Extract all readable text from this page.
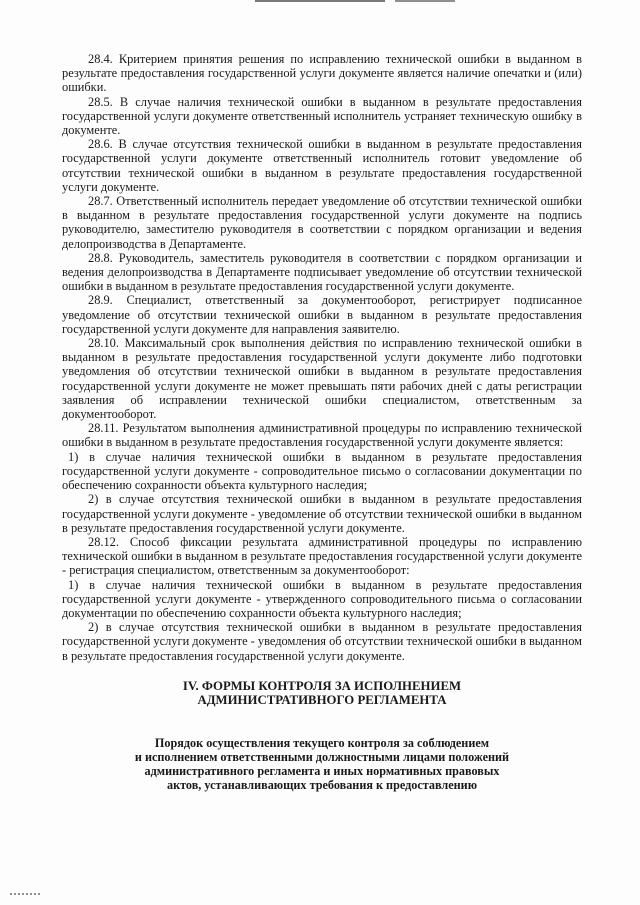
28.4. Критерием принятия решения по исправлению технической ошибки в выданном в результате предоставления государственной услуги документе является наличие опечатки и (или) ошибки.

28.5. В случае наличия технической ошибки в выданном в результате предоставления государственной услуги документе ответственный исполнитель устраняет техническую ошибку в документе.

28.6. В случае отсутствия технической ошибки в выданном в результате предоставления государственной услуги документе ответственный исполнитель готовит уведомление об отсутствии технической ошибки в выданном в результате предоставления государственной услуги документе.

28.7. Ответственный исполнитель передает уведомление об отсутствии технической ошибки в выданном в результате предоставления государственной услуги документе на подпись руководителю, заместителю руководителя в соответствии с порядком организации и ведения делопроизводства в Департаменте.

28.8. Руководитель, заместитель руководителя в соответствии с порядком организации и ведения делопроизводства в Департаменте подписывает уведомление об отсутствии технической ошибки в выданном в результате предоставления государственной услуги документе.

28.9. Специалист, ответственный за документооборот, регистрирует подписанное уведомление об отсутствии технической ошибки в выданном в результате предоставления государственной услуги документе для направления заявителю.

28.10. Максимальный срок выполнения действия по исправлению технической ошибки в выданном в результате предоставления государственной услуги документе либо подготовки уведомления об отсутствии технической ошибки в выданном в результате предоставления государственной услуги документе не может превышать пяти рабочих дней с даты регистрации заявления об исправлении технической ошибки специалистом, ответственным за документооборот.

28.11. Результатом выполнения административной процедуры по исправлению технической ошибки в выданном в результате предоставления государственной услуги документе является:

1) в случае наличия технической ошибки в выданном в результате предоставления государственной услуги документе - сопроводительное письмо о согласовании документации по обеспечению сохранности объекта культурного наследия;

2) в случае отсутствия технической ошибки в выданном в результате предоставления государственной услуги документе - уведомление об отсутствии технической ошибки в выданном в результате предоставления государственной услуги документе.

28.12. Способ фиксации результата административной процедуры по исправлению технической ошибки в выданном в результате предоставления государственной услуги документе - регистрация специалистом, ответственным за документооборот:

1) в случае наличия технической ошибки в выданном в результате предоставления государственной услуги документе - утвержденного сопроводительного письма о согласовании документации по обеспечению сохранности объекта культурного наследия;

2) в случае отсутствия технической ошибки в выданном в результате предоставления государственной услуги документе - уведомления об отсутствии технической ошибки в выданном в результате предоставления государственной услуги документе.

IV. ФОРМЫ КОНТРОЛЯ ЗА ИСПОЛНЕНИЕМ
АДМИНИСТРАТИВНОГО РЕГЛАМЕНТА
Порядок осуществления текущего контроля за соблюдением
и исполнением ответственными должностными лицами положений
административного регламента и иных нормативных правовых
актов, устанавливающих требования к предоставлению
